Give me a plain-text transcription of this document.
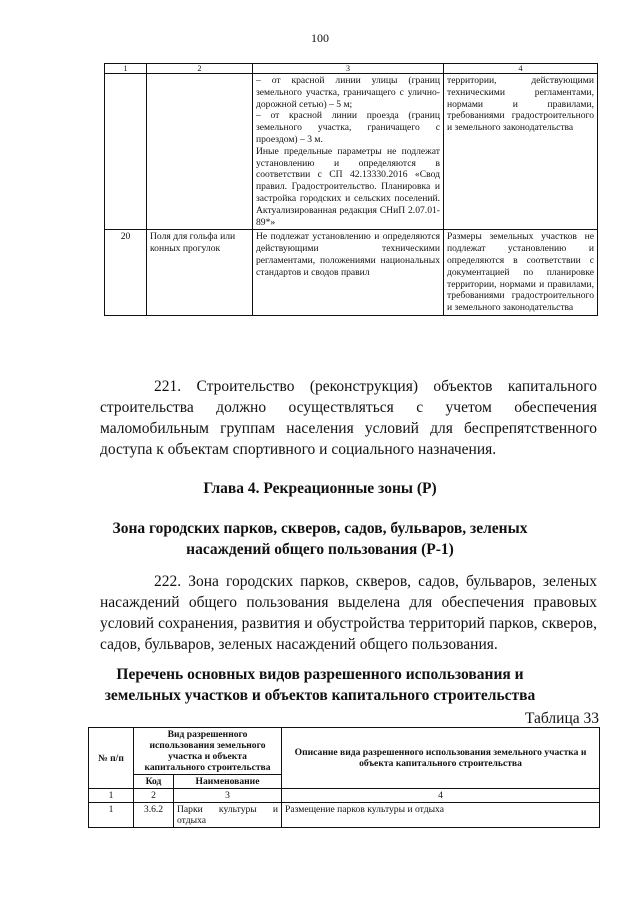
100
1	2	3	4

		– от красной линии улицы (границ земельного участка, граничащего с улично-дорожной сетью) – 5 м;
– от красной линии проезда (границ земельного участка, граничащего с проездом) – 3 м.
Иные предельные параметры не подлежат установлению и определяются в соответствии с СП 42.13330.2016 «Свод правил. Градостроительство. Планировка и застройка городских и сельских поселений. Актуализированная редакция СНиП 2.07.01-89*»	территории, действующими техническими регламентами, нормами и правилами, требованиями градостроительного и земельного законодательства
20	Поля для гольфа или конных прогулок	Не подлежат установлению и определяются действующими техническими регламентами, положениями национальных стандартов и сводов правил	Размеры земельных участков не подлежат установлению и определяются в соответствии с документацией по планировке территории, нормами и правилами, требованиями градостроительного и земельного законодательства
221. Строительство (реконструкция) объектов капитального строительства должно осуществляться с учетом обеспечения маломобильным группам населения условий для беспрепятственного доступа к объектам спортивного и социального назначения.
Глава 4. Рекреационные зоны (Р)
Зона городских парков, скверов, садов, бульваров, зеленых
насаждений общего пользования (Р-1)
222. Зона городских парков, скверов, садов, бульваров, зеленых насаждений общего пользования выделена для обеспечения правовых условий сохранения, развития и обустройства территорий парков, скверов, садов, бульваров, зеленых насаждений общего пользования.
Перечень основных видов разрешенного использования и
земельных участков и объектов капитального строительства
Таблица 33
№ п/п	Вид разрешенного использования земельного участка и объекта капитального строительства		Описание вида разрешенного использования земельного участка и объекта капитального строительства
	Код	Наименование	
1	2	3	4
1	3.6.2	Парки культуры и отдыха	Размещение парков культуры и отдыха
